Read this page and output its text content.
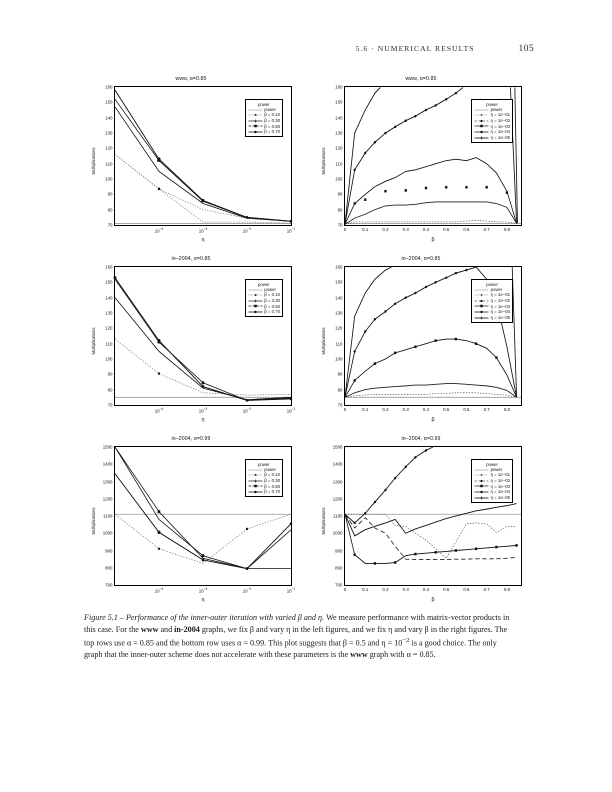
5.6 · NUMERICAL RESULTS	105
www, α=0.85
Multiplications
η
70
80
90
100
110
120
130
140
150
160
$10^{-4}$	$10^{-3}$	$10^{-2}$	$10^{-1}$
power
power
β = 0.10
β = 0.30
β = 0.50
β = 0.70
www, α=0.85
Multiplications
β
70
80
90
100
110
120
130
140
150
160
0	0.1	0.2	0.3	0.4	0.5	0.6	0.7	0.8
power
power
η = 1e−01
η = 1e−02
η = 1e−03
η = 1e−04
η = 1e−05
in–2004, α=0.85
Multiplications
η
70
80
90
100
110
120
130
140
150
160
$10^{-4}$	$10^{-3}$	$10^{-2}$	$10^{-1}$
power
power
β = 0.10
β = 0.30
β = 0.50
β = 0.70
in–2004, α=0.85
Multiplications
β
70
80
90
100
110
120
130
140
150
160
0	0.1	0.2	0.3	0.4	0.5	0.6	0.7	0.8
power
power
η = 1e−01
η = 1e−02
η = 1e−03
η = 1e−04
η = 1e−05
in–2004, α=0.99
Multiplications
η
700
800
900
1000
1100
1200
1300
1400
1500
$10^{-4}$	$10^{-3}$	$10^{-2}$	$10^{-1}$
power
power
β = 0.10
β = 0.30
β = 0.50
β = 0.70
in–2004, α=0.99
Multiplications
β
700
800
900
1000
1100
1200
1300
1400
1500
0	0.1	0.2	0.3	0.4	0.5	0.6	0.7	0.8
power
power
η = 1e−01
η = 1e−02
η = 1e−03
η = 1e−04
η = 1e−05
Figure 5.1 – Performance of the inner-outer iteration with varied β and η. We measure performance with matrix-vector products in this case. For the www and in-2004 graphs, we fix β and vary η in the left figures, and we fix η and vary β in the right figures. The top rows use α = 0.85 and the bottom row uses α = 0.99. This plot suggests that β = 0.5 and $\eta = 10^{-2}$ is a good choice. The only graph that the inner-outer scheme does not accelerate with these parameters is the www graph with α = 0.85.
